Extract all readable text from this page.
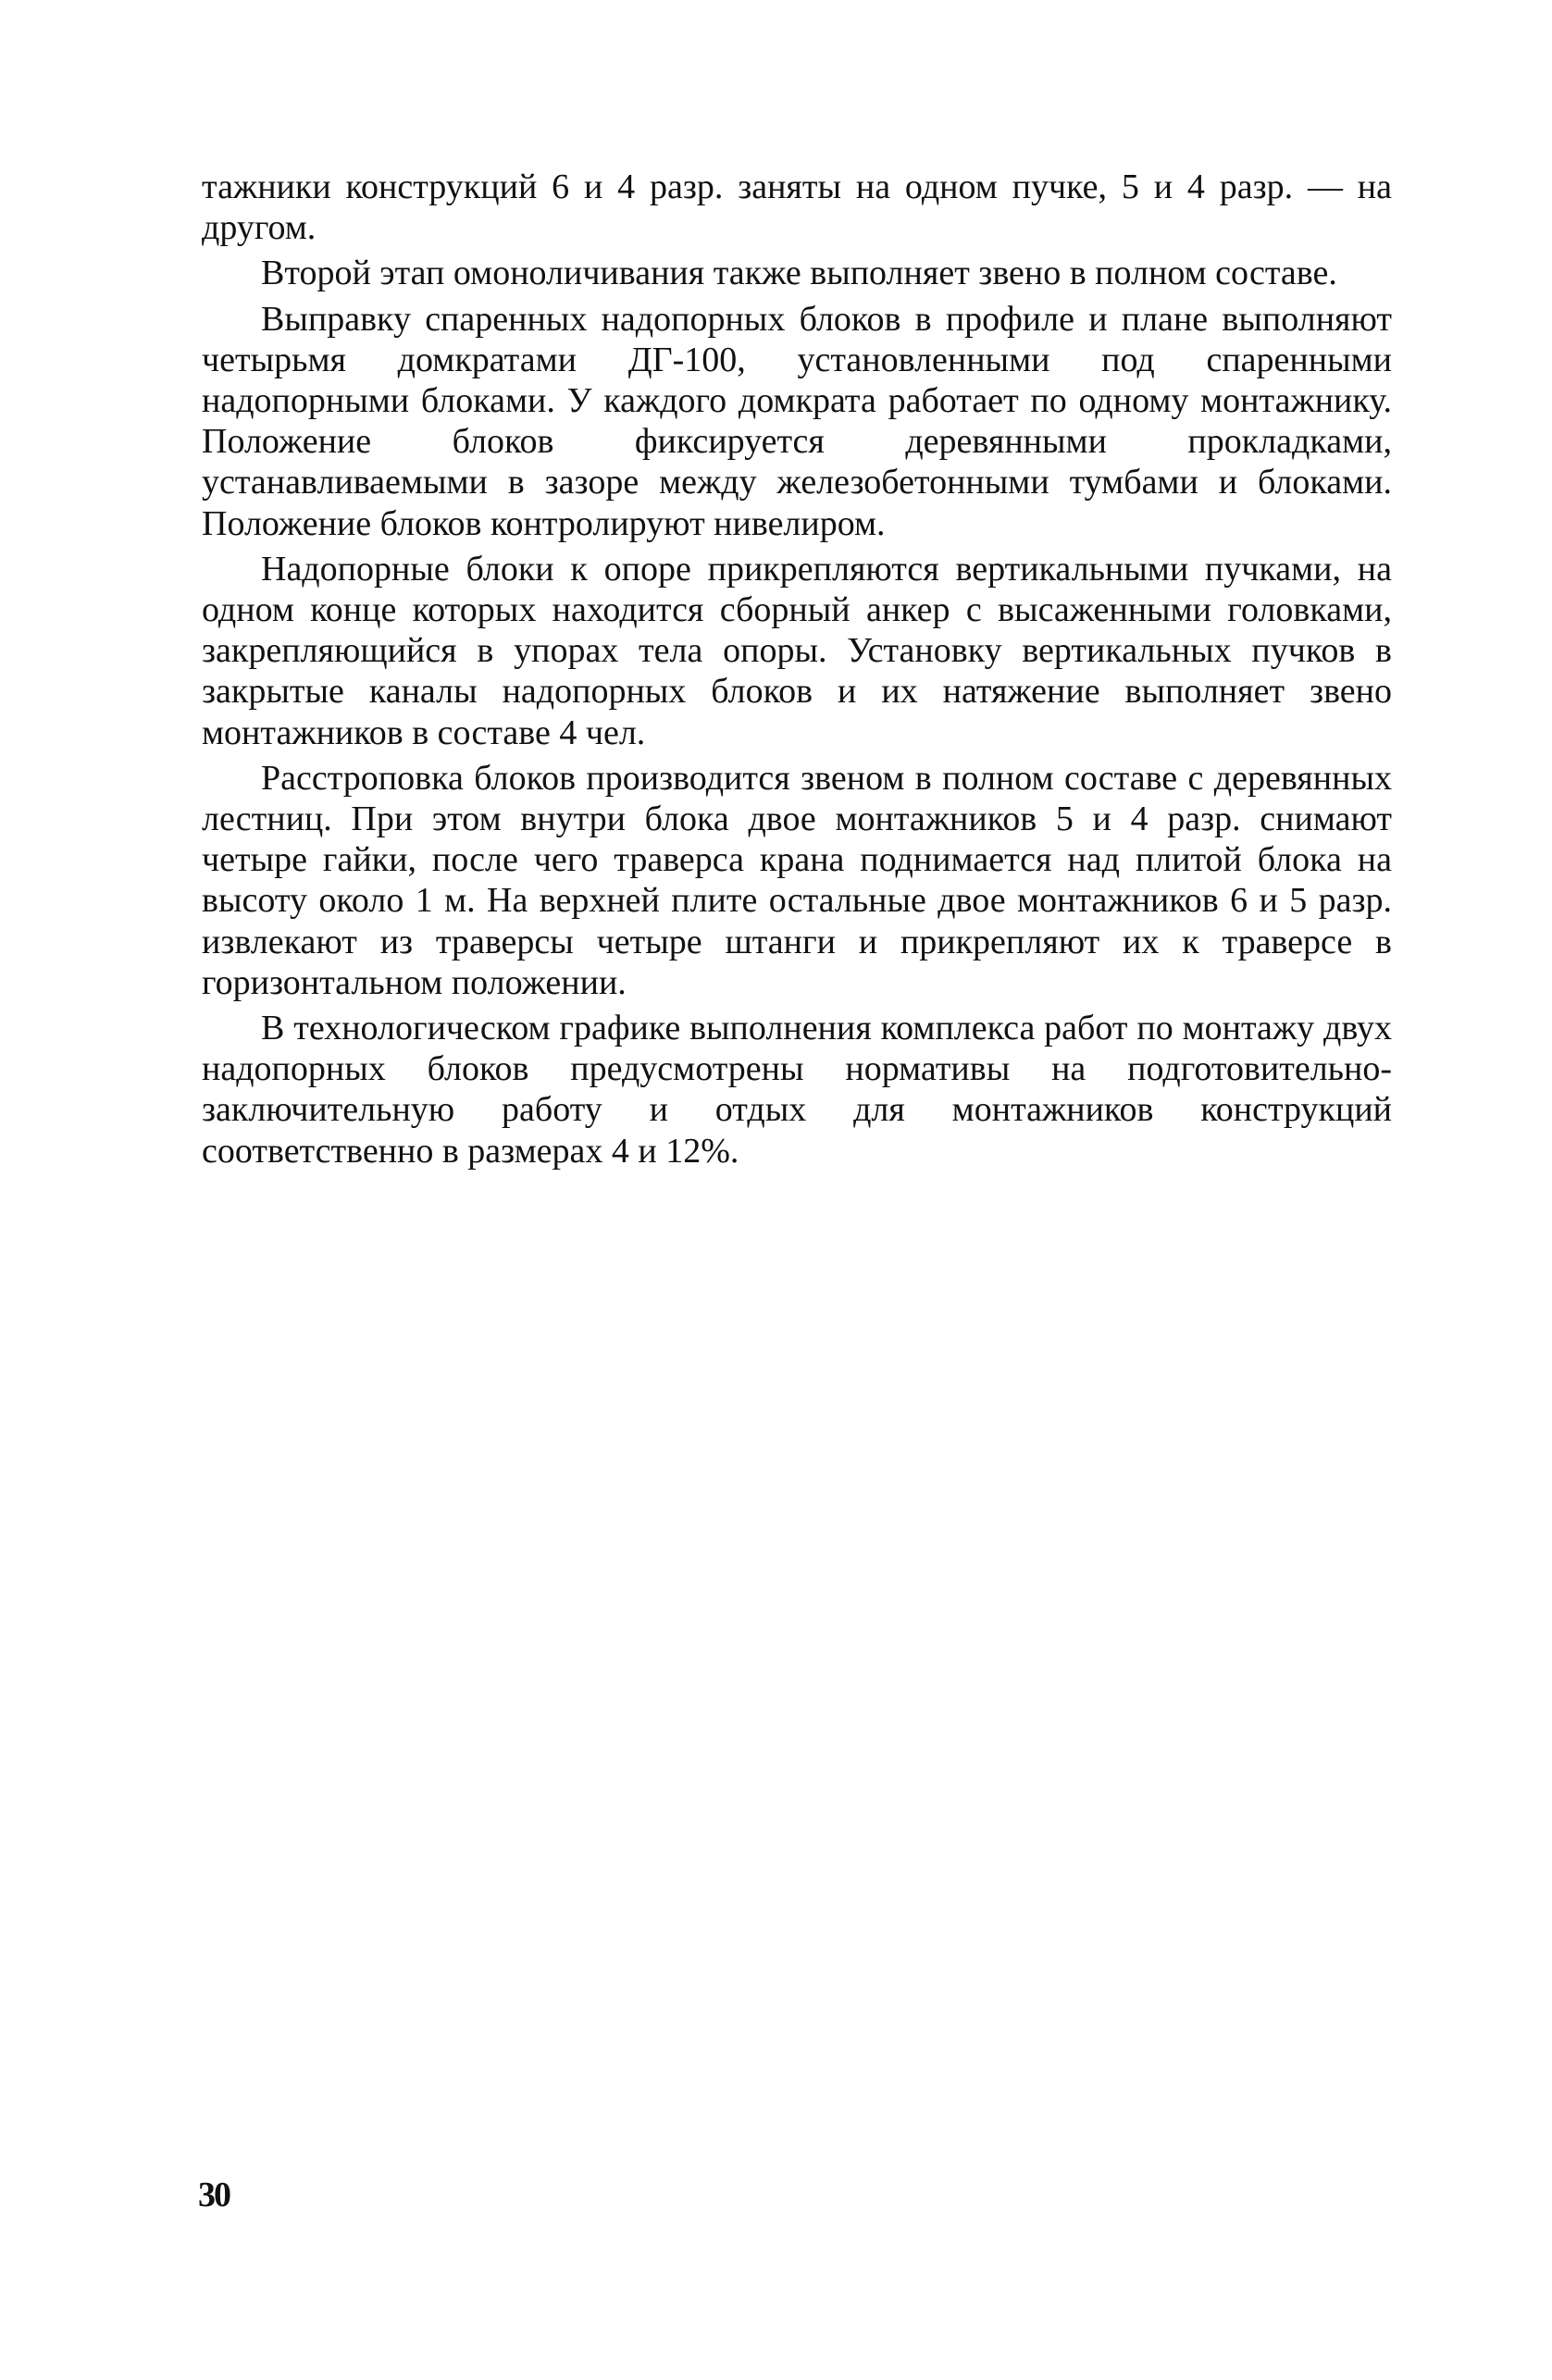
тажники конструкций 6 и 4 разр. заняты на одном пучке, 5 и 4 разр. — на другом.

Второй этап омоноличивания также выполняет звено в полном составе.

Выправку спаренных надопорных блоков в профиле и плане выполняют четырьмя домкратами ДГ-100, установленными под спаренными надопорными блоками. У каждого домкрата работает по одному монтажнику. Положение блоков фиксируется деревянными прокладками, устанавливаемыми в зазоре между железобетонными тумбами и блоками. Положение блоков контролируют нивелиром.

Надопорные блоки к опоре прикрепляются вертикальными пучками, на одном конце которых находится сборный анкер с высаженными головками, закрепляющийся в упорах тела опоры. Установку вертикальных пучков в закрытые каналы надопорных блоков и их натяжение выполняет звено монтажников в составе 4 чел.

Расстроповка блоков производится звеном в полном составе с деревянных лестниц. При этом внутри блока двое монтажников 5 и 4 разр. снимают четыре гайки, после чего траверса крана поднимается над плитой блока на высоту около 1 м. На верхней плите остальные двое монтажников 6 и 5 разр. извлекают из траверсы четыре штанги и прикрепляют их к траверсе в горизонтальном положении.

В технологическом графике выполнения комплекса работ по монтажу двух надопорных блоков предусмотрены нормативы на подготовительно-заключительную работу и отдых для монтажников конструкций соответственно в размерах 4 и 12%.

30
